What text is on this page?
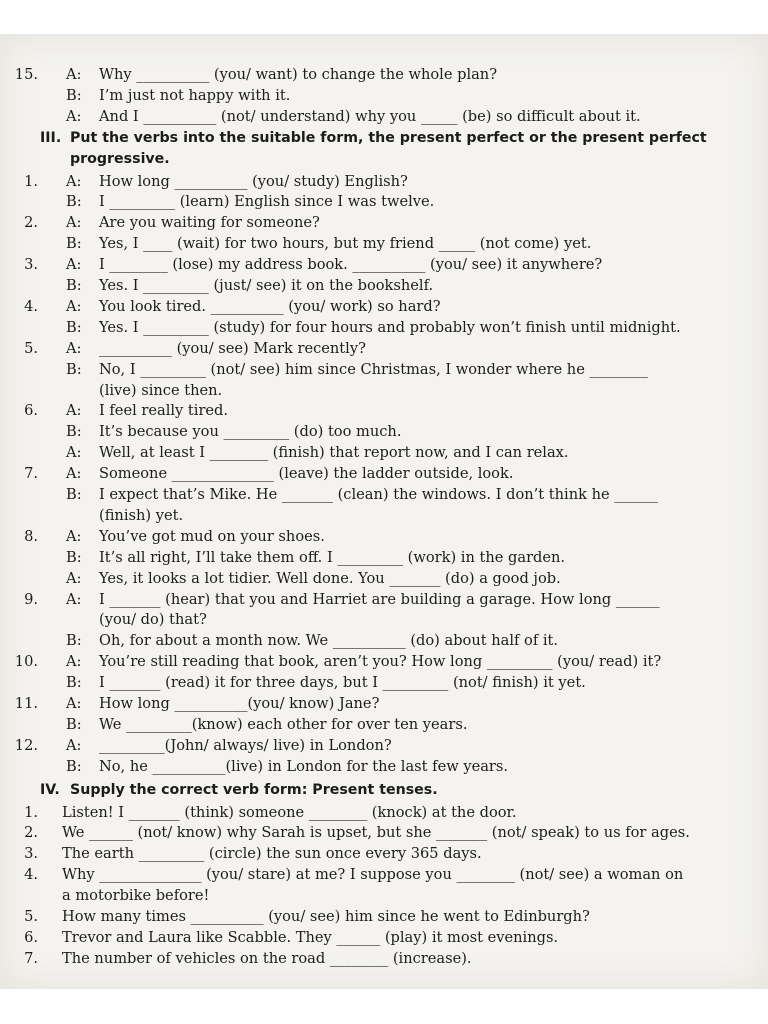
15. A: Why __________ (you/ want) to change the whole plan?
B: I’m just not happy with it.
A: And I __________ (not/ understand) why you _____ (be) so difficult about it.
III. Put the verbs into the suitable form, the present perfect or the present perfect
progressive.
1. A: How long __________ (you/ study) English?
B: I _________ (learn) English since I was twelve.
2. A: Are you waiting for someone?
B: Yes, I ____ (wait) for two hours, but my friend _____ (not come) yet.
3. A: I ________ (lose) my address book. __________ (you/ see) it anywhere?
B: Yes. I _________ (just/ see) it on the bookshelf.
4. A: You look tired. __________ (you/ work) so hard?
B: Yes. I _________ (study) for four hours and probably won’t finish until midnight.
5. A: __________ (you/ see) Mark recently?
B: No, I _________ (not/ see) him since Christmas, I wonder where he ________
(live) since then.
6. A: I feel really tired.
B: It’s because you _________ (do) too much.
A: Well, at least I ________ (finish) that report now, and I can relax.
7. A: Someone ______________ (leave) the ladder outside, look.
B: I expect that’s Mike. He _______ (clean) the windows. I don’t think he ______
(finish) yet.
8. A: You’ve got mud on your shoes.
B: It’s all right, I’ll take them off. I _________ (work) in the garden.
A: Yes, it looks a lot tidier. Well done. You _______ (do) a good job.
9. A: I _______ (hear) that you and Harriet are building a garage. How long ______
(you/ do) that?
B: Oh, for about a month now. We __________ (do) about half of it.
10. A: You’re still reading that book, aren’t you? How long _________ (you/ read) it?
B: I _______ (read) it for three days, but I _________ (not/ finish) it yet.
11. A: How long __________(you/ know) Jane?
B: We _________(know) each other for over ten years.
12. A: _________(John/ always/ live) in London?
B: No, he __________(live) in London for the last few years.
IV. Supply the correct verb form: Present tenses.
1. Listen! I _______ (think) someone ________ (knock) at the door.
2. We ______ (not/ know) why Sarah is upset, but she _______ (not/ speak) to us for ages.
3. The earth _________ (circle) the sun once every 365 days.
4. Why ______________ (you/ stare) at me? I suppose you ________ (not/ see) a woman on
a motorbike before!
5. How many times __________ (you/ see) him since he went to Edinburgh?
6. Trevor and Laura like Scabble. They ______ (play) it most evenings.
7. The number of vehicles on the road ________ (increase).
